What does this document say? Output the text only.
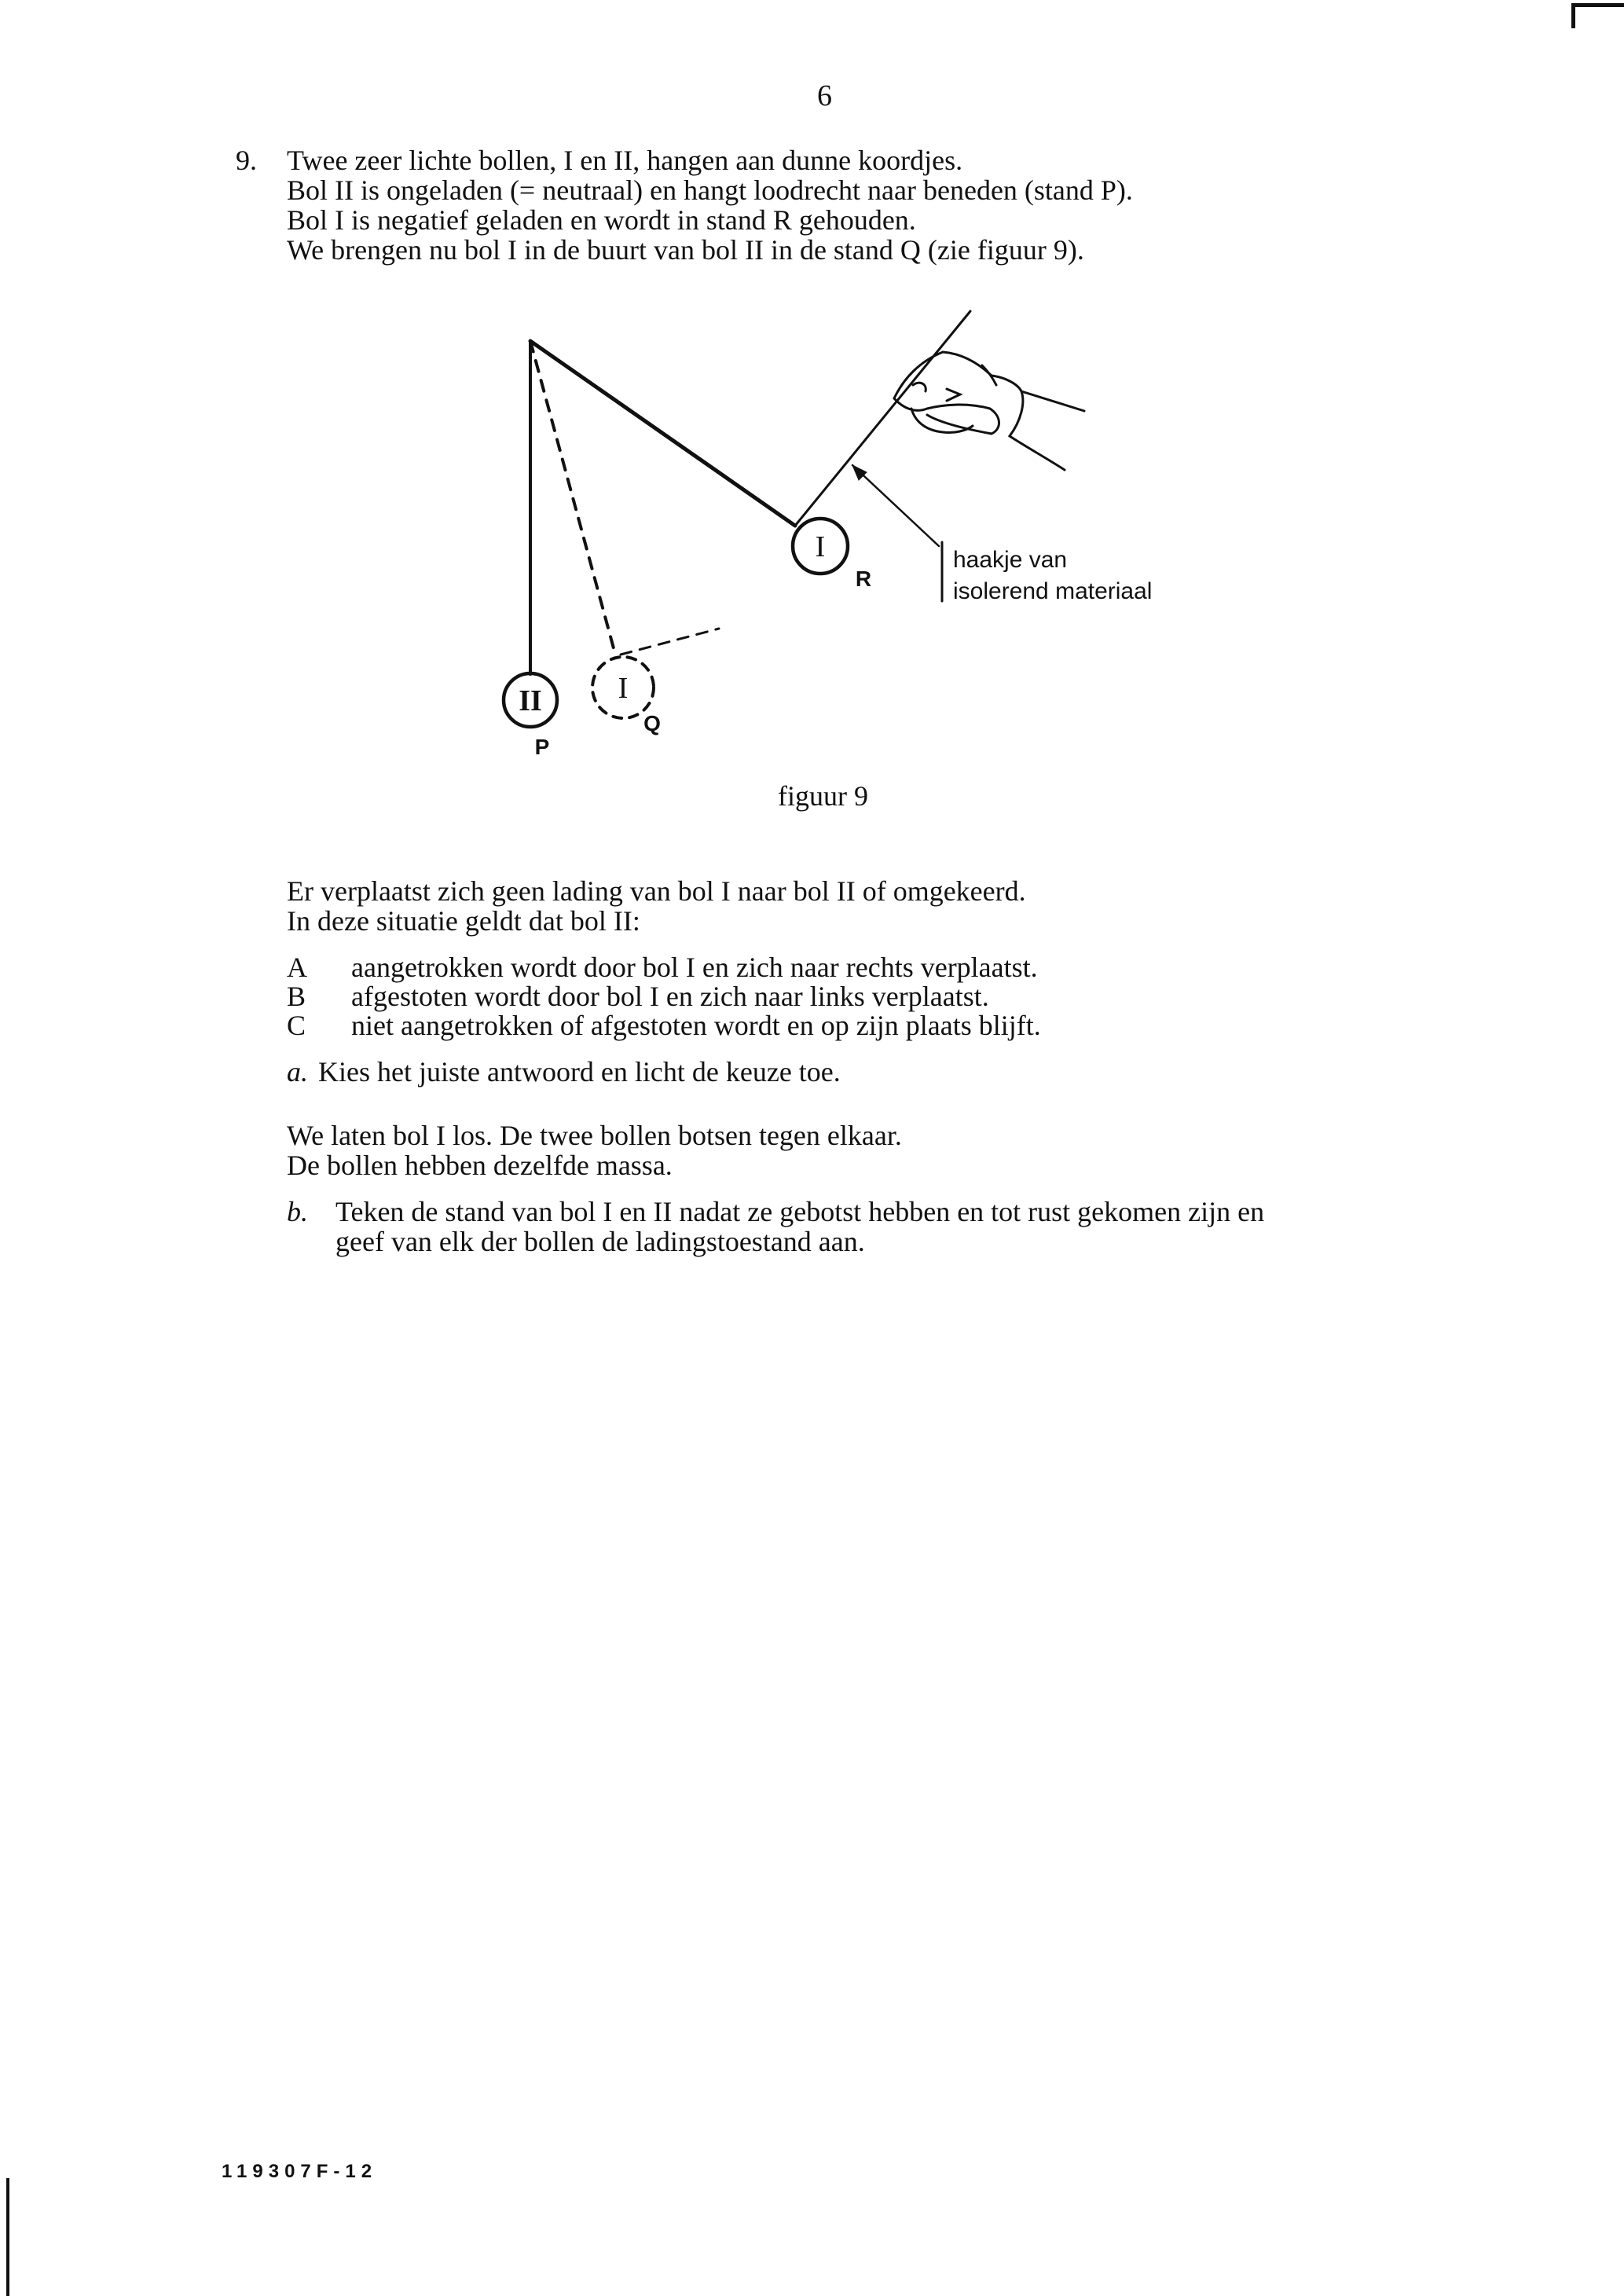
6
9. Twee zeer lichte bollen, I en II, hangen aan dunne koordjes.
Bol II is ongeladen (= neutraal) en hangt loodrecht naar beneden (stand P).
Bol I is negatief geladen en wordt in stand R gehouden.
We brengen nu bol I in de buurt van bol II in de stand Q (zie figuur 9).
II
I
I
P
R
Q
haakje van
isolerend materiaal
figuur 9
Er verplaatst zich geen lading van bol I naar bol II of omgekeerd.
In deze situatie geldt dat bol II:
A aangetrokken wordt door bol I en zich naar rechts verplaatst.
B afgestoten wordt door bol I en zich naar links verplaatst.
C niet aangetrokken of afgestoten wordt en op zijn plaats blijft.
a. Kies het juiste antwoord en licht de keuze toe.
We laten bol I los. De twee bollen botsen tegen elkaar.
De bollen hebben dezelfde massa.
b. Teken de stand van bol I en II nadat ze gebotst hebben en tot rust gekomen zijn en
geef van elk der bollen de ladingstoestand aan.
119307F-12
